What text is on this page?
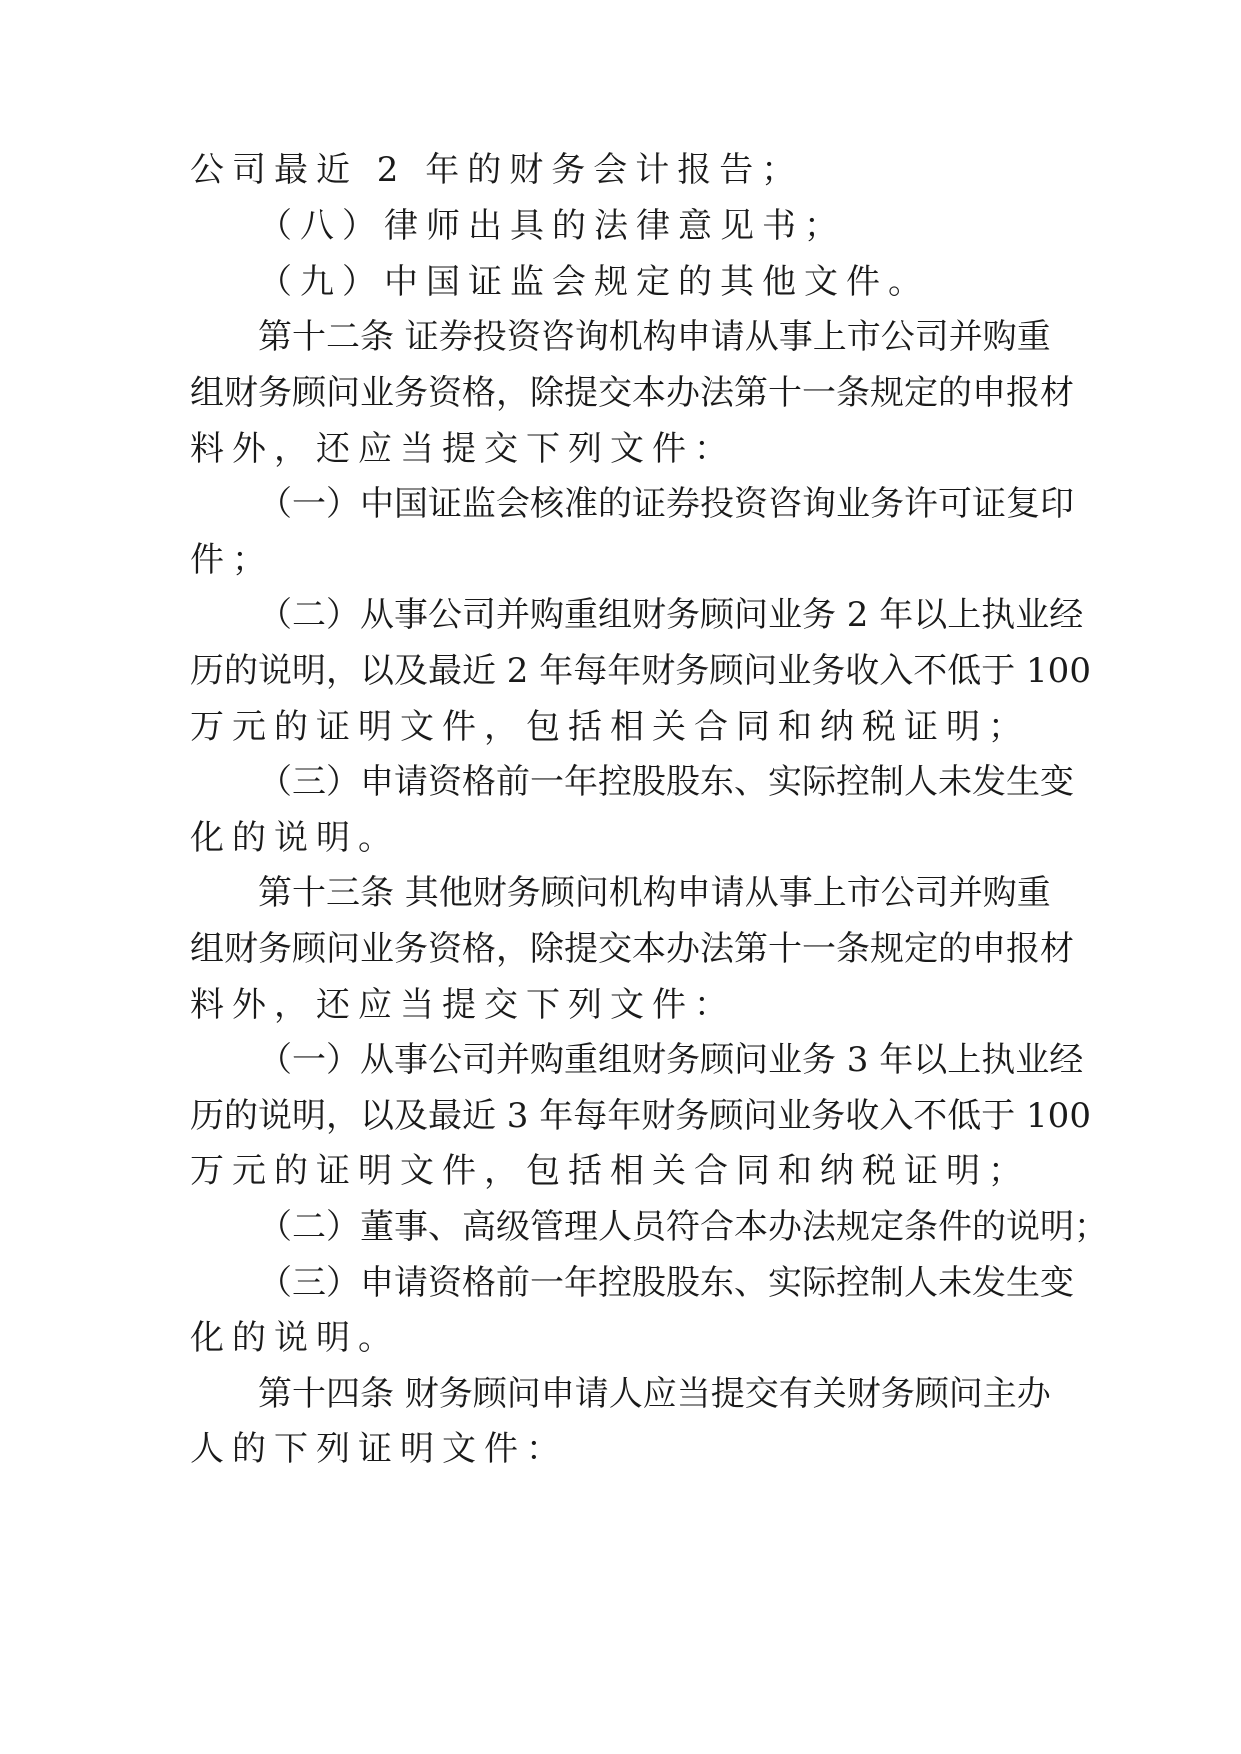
公司最近 2 年的财务会计报告；
（八）律师出具的法律意见书；
（九）中国证监会规定的其他文件。
第十二条 证券投资咨询机构申请从事上市公司并购重
组财务顾问业务资格，除提交本办法第十一条规定的申报材
料外，还应当提交下列文件：
（一）中国证监会核准的证券投资咨询业务许可证复印
件；
（二）从事公司并购重组财务顾问业务 2 年以上执业经
历的说明，以及最近 2 年每年财务顾问业务收入不低于 100
万元的证明文件，包括相关合同和纳税证明；
（三）申请资格前一年控股股东、实际控制人未发生变
化的说明。
第十三条 其他财务顾问机构申请从事上市公司并购重
组财务顾问业务资格，除提交本办法第十一条规定的申报材
料外，还应当提交下列文件：
（一）从事公司并购重组财务顾问业务 3 年以上执业经
历的说明，以及最近 3 年每年财务顾问业务收入不低于 100
万元的证明文件，包括相关合同和纳税证明；
（二）董事、高级管理人员符合本办法规定条件的说明；
（三）申请资格前一年控股股东、实际控制人未发生变
化的说明。
第十四条 财务顾问申请人应当提交有关财务顾问主办
人的下列证明文件：
